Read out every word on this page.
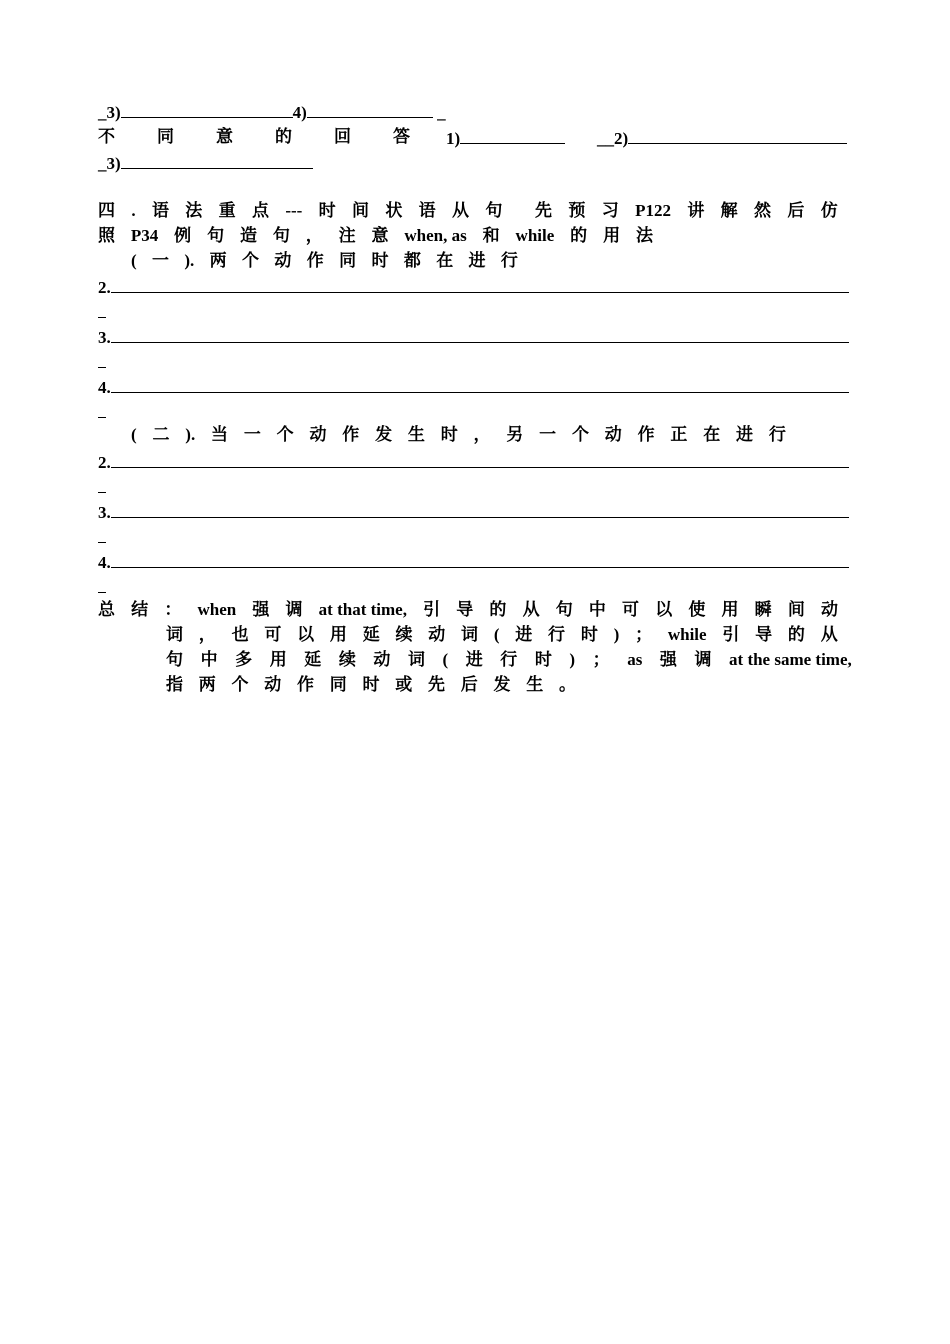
_3)	4)	_
不 同 意 的 回 答 1)	__2)
_3)
四 . 语 法 重 点 --- 时 间 状 语 从 句 先 预 习 P122 讲 解 然 后 仿
照 P34 例 句 造 句 ， 注 意 when, as 和 while 的 用 法
( 一 ). 两 个 动 作 同 时 都 在 进 行
2.
3.
4.
( 二 ). 当 一 个 动 作 发 生 时 ， 另 一 个 动 作 正 在 进 行
2.
3.
4.
总 结 ： when 强 调 at that time, 引 导 的 从 句 中 可 以 使 用 瞬 间 动
词 ， 也 可 以 用 延 续 动 词 ( 进 行 时 ) ； while 引 导 的 从
句 中 多 用 延 续 动 词 ( 进 行 时 ) ； as 强 调 at the same time,
指 两 个 动 作 同 时 或 先 后 发 生 。
